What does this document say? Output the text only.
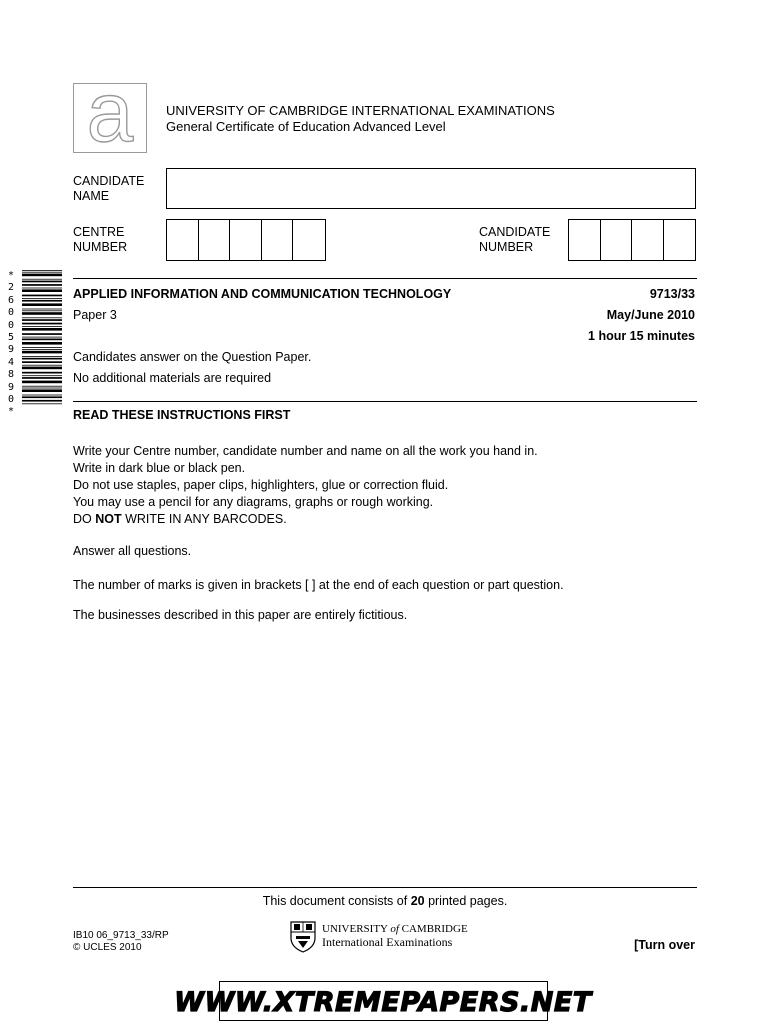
a	UNIVERSITY OF CAMBRIDGE INTERNATIONAL EXAMINATIONS
General Certificate of Education Advanced Level
CANDIDATE
NAME
CENTRE
NUMBER
CANDIDATE
NUMBER
*
2
6
0
0
5
9
4
8
9
0
*
APPLIED INFORMATION AND COMMUNICATION TECHNOLOGY	9713/33
Paper 3	May/June 2010
1 hour 15 minutes
Candidates answer on the Question Paper.
No additional materials are required
READ THESE INSTRUCTIONS FIRST
Write your Centre number, candidate number and name on all the work you hand in.
Write in dark blue or black pen.
Do not use staples, paper clips, highlighters, glue or correction fluid.
You may use a pencil for any diagrams, graphs or rough working.
DO NOT WRITE IN ANY BARCODES.
Answer all questions.
The number of marks is given in brackets [ ] at the end of each question or part question.
The businesses described in this paper are entirely fictitious.
This document consists of 20 printed pages.
IB10 06_9713_33/RP
© UCLES 2010
UNIVERSITY of CAMBRIDGE
International Examinations	[Turn over
WWW.XTREMEPAPERS.NET
